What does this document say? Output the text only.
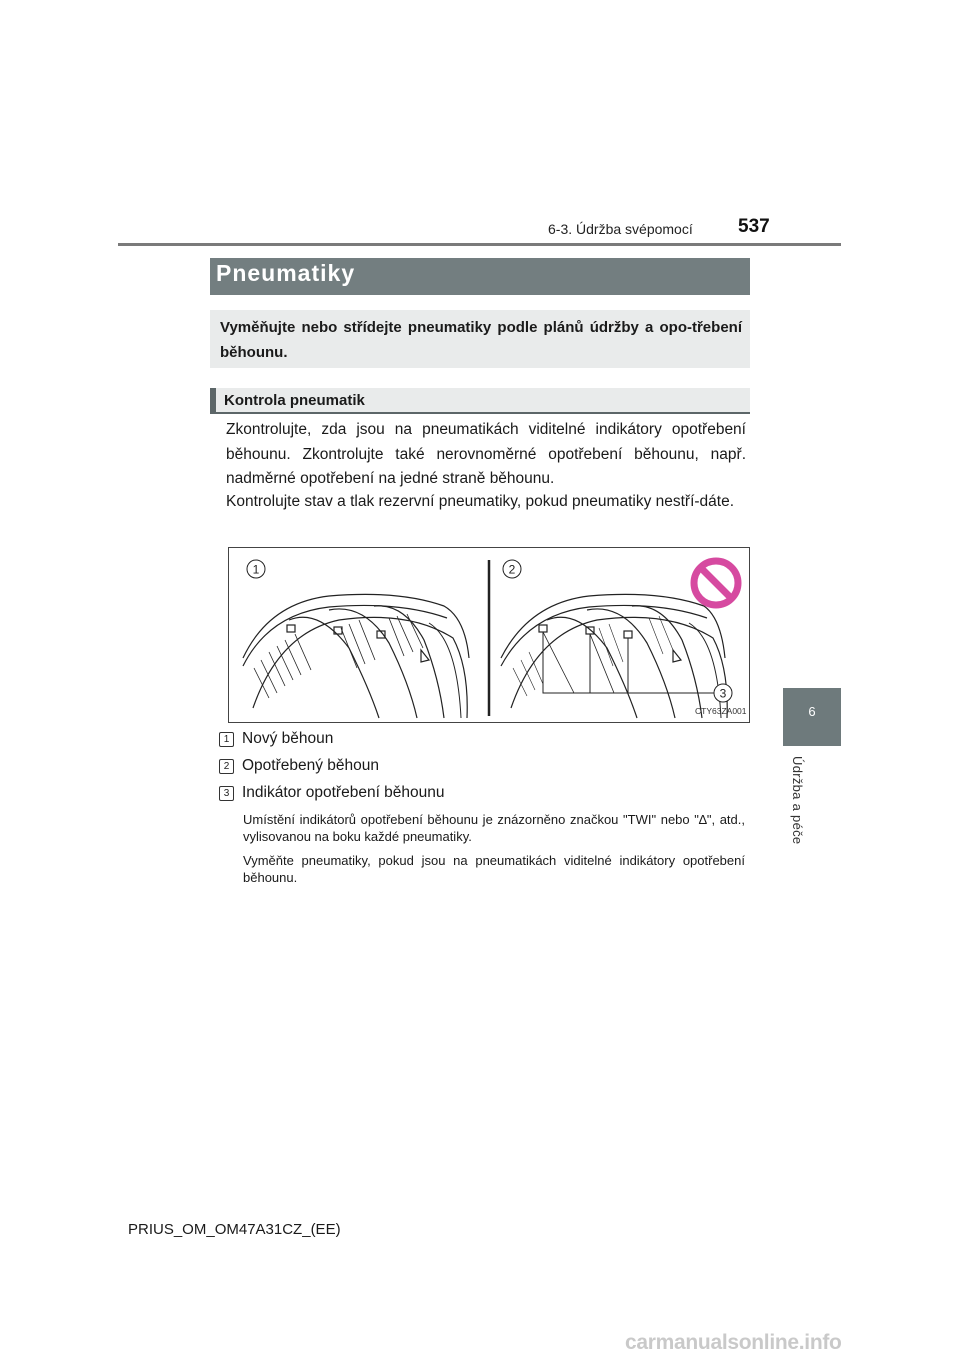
6-3. Údržba svépomocí 537
6
Údržba a péče
Pneumatiky
Vyměňujte nebo střídejte pneumatiky podle plánů údržby a opo-třebení běhounu.
Kontrola pneumatik
Zkontrolujte, zda jsou na pneumatikách viditelné indikátory opotřebení běhounu. Zkontrolujte také nerovnoměrné opotřebení běhounu, např. nadměrné opotřebení na jedné straně běhounu.
Kontrolujte stav a tlak rezervní pneumatiky, pokud pneumatiky nestří-dáte.
1	2
3
CTY63ZA001
1 Nový běhoun
2 Opotřebený běhoun
3 Indikátor opotřebení běhounu
Umístění indikátorů opotřebení běhounu je znázorněno značkou "TWI" nebo "∆", atd., vylisovanou na boku každé pneumatiky.
Vyměňte pneumatiky, pokud jsou na pneumatikách viditelné indikátory opotřebení běhounu.
PRIUS_OM_OM47A31CZ_(EE)
carmanualsonline.info
